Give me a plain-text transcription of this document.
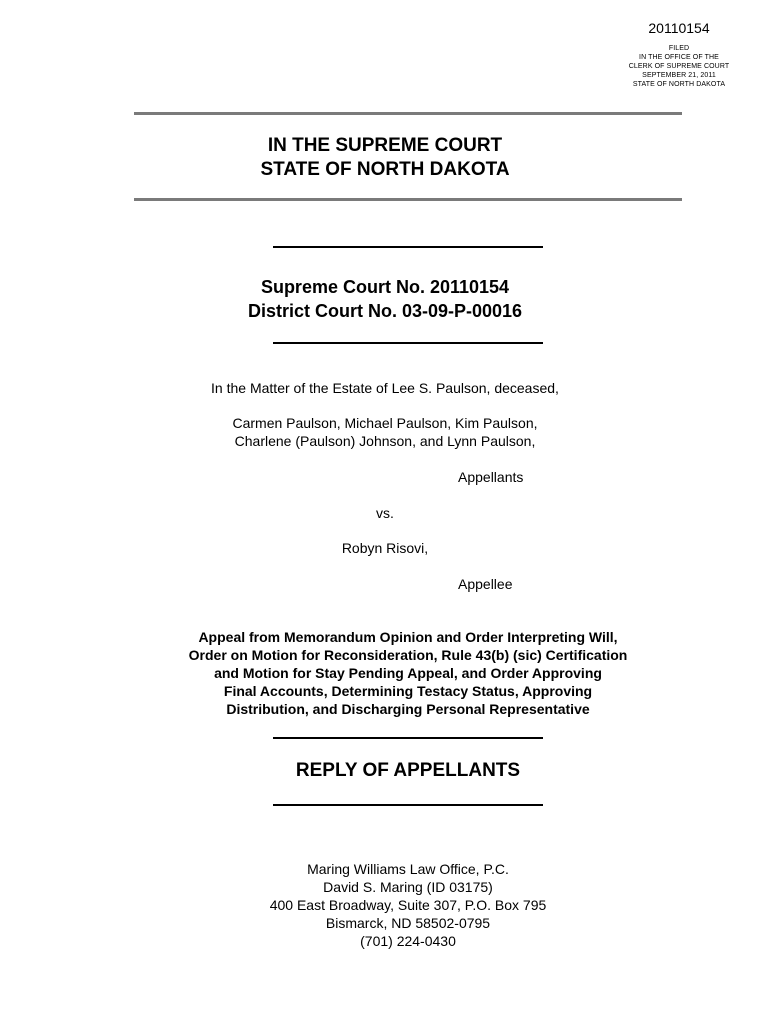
20110154
FILED
IN THE OFFICE OF THE
CLERK OF SUPREME COURT
SEPTEMBER 21, 2011
STATE OF NORTH DAKOTA
IN THE SUPREME COURT
STATE OF NORTH DAKOTA
Supreme Court No. 20110154
District Court No. 03-09-P-00016
In the Matter of the Estate of Lee S. Paulson, deceased,
Carmen Paulson, Michael Paulson, Kim Paulson,
Charlene (Paulson) Johnson, and Lynn Paulson,
Appellants
vs.
Robyn Risovi,
Appellee
Appeal from Memorandum Opinion and Order Interpreting Will,
Order on Motion for Reconsideration, Rule 43(b) (sic) Certification
and Motion for Stay Pending Appeal, and Order Approving
Final Accounts, Determining Testacy Status, Approving
Distribution, and Discharging Personal Representative
REPLY OF APPELLANTS
Maring Williams Law Office, P.C.
David S. Maring (ID 03175)
400 East Broadway, Suite 307, P.O. Box 795
Bismarck, ND 58502-0795
(701) 224-0430
